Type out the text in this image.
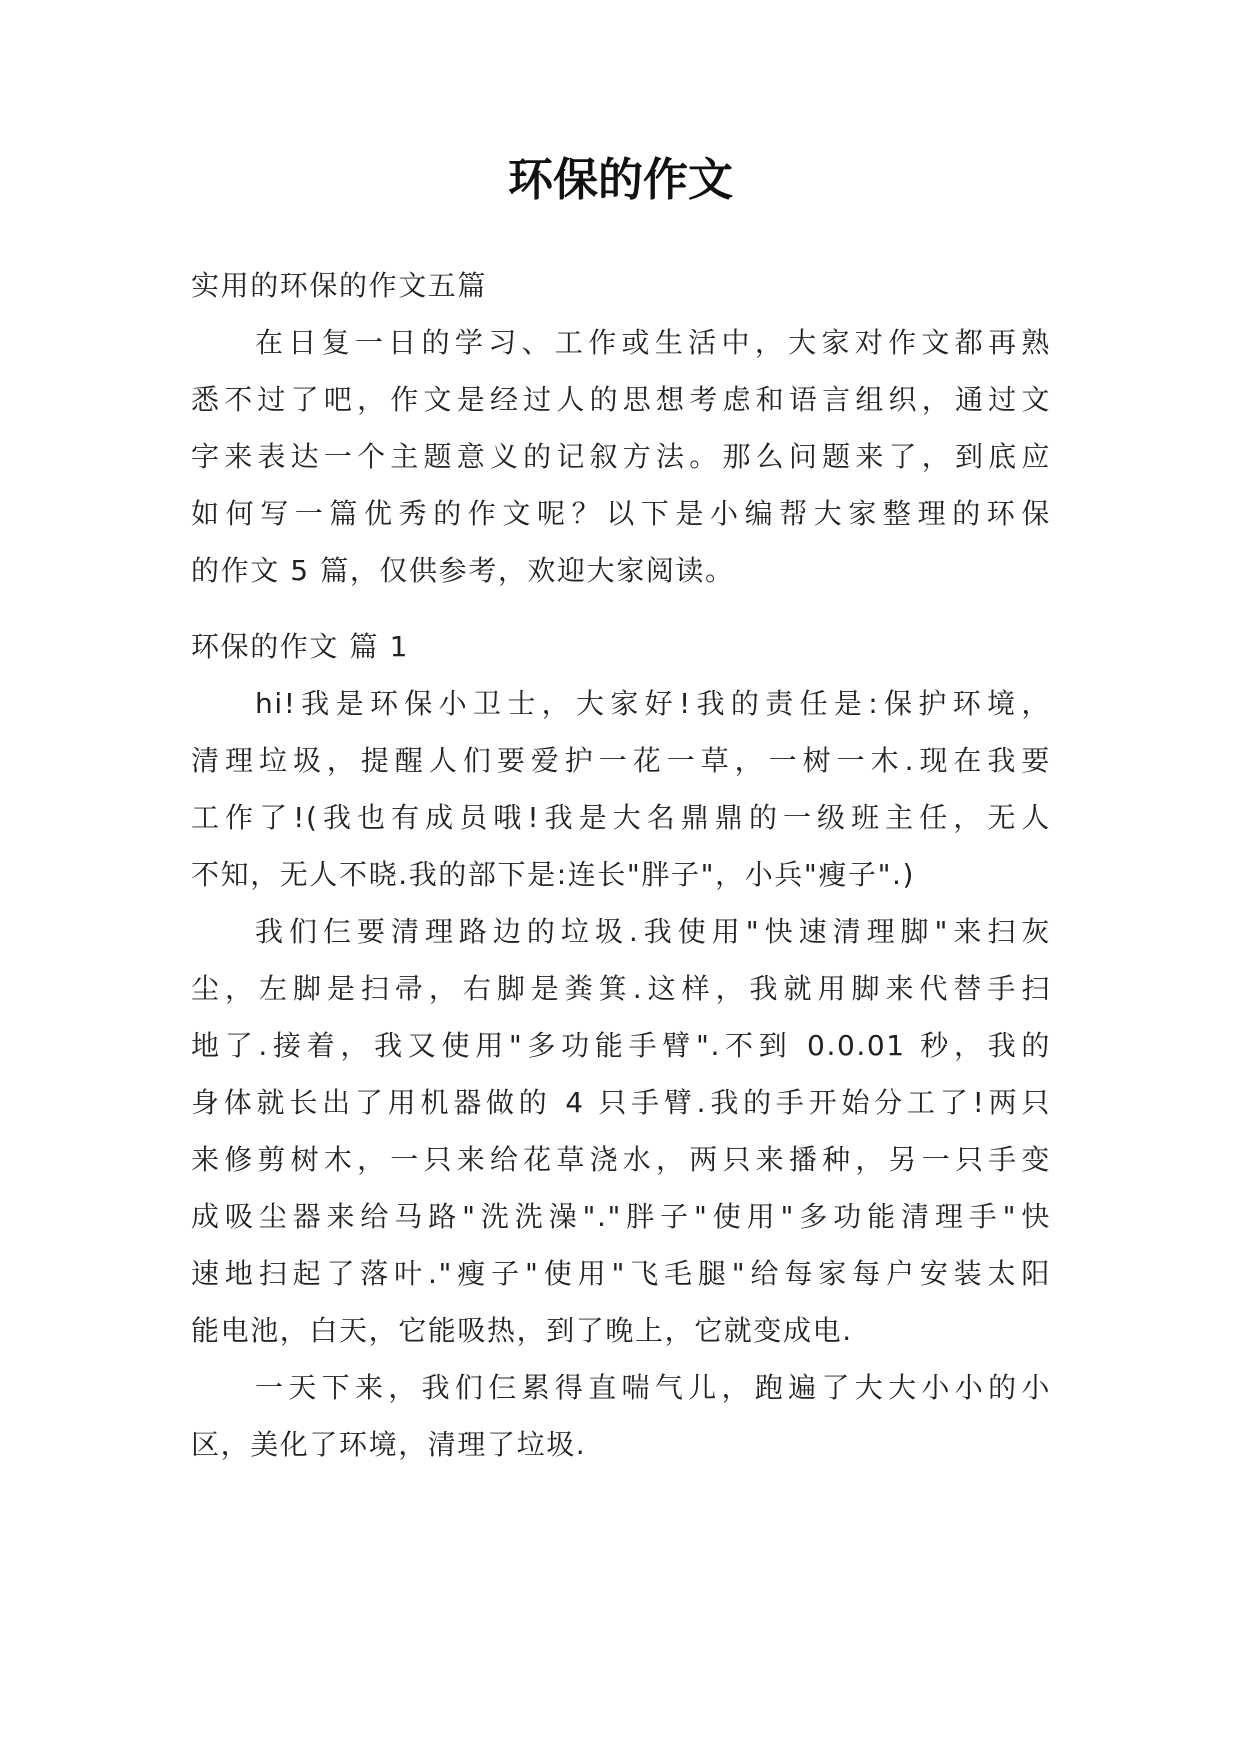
环保的作文
实用的环保的作文五篇
在日复一日的学习、工作或生活中，大家对作文都再熟
悉不过了吧，作文是经过人的思想考虑和语言组织，通过文
字来表达一个主题意义的记叙方法。那么问题来了，到底应
如何写一篇优秀的作文呢？以下是小编帮大家整理的环保
的作文 5 篇，仅供参考，欢迎大家阅读。
环保的作文 篇 1
hi!我是环保小卫士，大家好!我的责任是:保护环境，
清理垃圾，提醒人们要爱护一花一草，一树一木.现在我要
工作了!(我也有成员哦!我是大名鼎鼎的一级班主任，无人
不知，无人不晓.我的部下是:连长"胖子"，小兵"瘦子".)
我们仨要清理路边的垃圾.我使用"快速清理脚"来扫灰
尘，左脚是扫帚，右脚是粪箕.这样，我就用脚来代替手扫
地了.接着，我又使用"多功能手臂".不到 0.0.01 秒，我的
身体就长出了用机器做的 4 只手臂.我的手开始分工了!两只
来修剪树木，一只来给花草浇水，两只来播种，另一只手变
成吸尘器来给马路"洗洗澡"."胖子"使用"多功能清理手"快
速地扫起了落叶."瘦子"使用"飞毛腿"给每家每户安装太阳
能电池，白天，它能吸热，到了晚上，它就变成电.
一天下来，我们仨累得直喘气儿，跑遍了大大小小的小
区，美化了环境，清理了垃圾.
